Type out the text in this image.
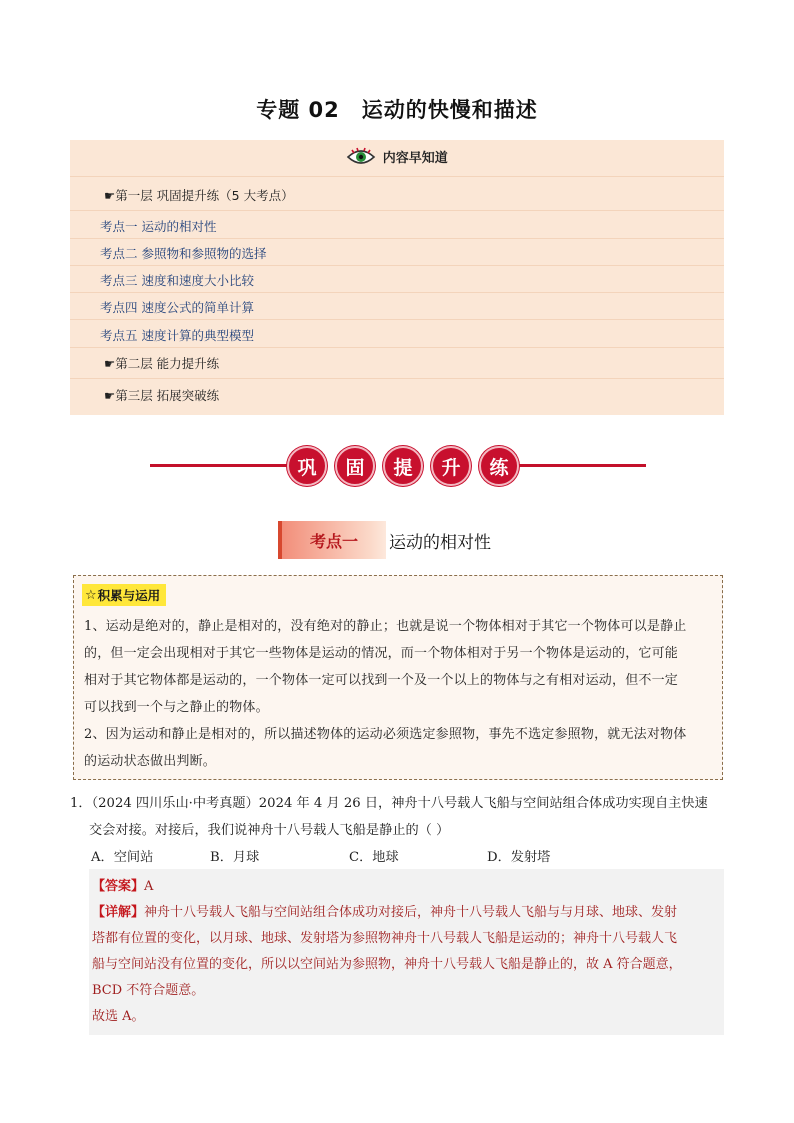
专题 02 运动的快慢和描述
内容早知道
☛第一层 巩固提升练（5 大考点）
考点一 运动的相对性
考点二 参照物和参照物的选择
考点三 速度和速度大小比较
考点四 速度公式的简单计算
考点五 速度计算的典型模型
☛第二层 能力提升练
☛第三层 拓展突破练
巩	固	提	升	练
考点一	运动的相对性
☆ 积累与运用

1、运动是绝对的，静止是相对的，没有绝对的静止；也就是说一个物体相对于其它一个物体可以是静止

的，但一定会出现相对于其它一些物体是运动的情况，而一个物体相对于另一个物体是运动的，它可能

相对于其它物体都是运动的，一个物体一定可以找到一个及一个以上的物体与之有相对运动，但不一定

可以找到一个与之静止的物体。

2、因为运动和静止是相对的，所以描述物体的运动必须选定参照物，事先不选定参照物，就无法对物体

的运动状态做出判断。

1．（2024 四川乐山·中考真题）2024 年 4 月 26 日，神舟十八号载人飞船与空间站组合体成功实现自主快速
交会对接。对接后，我们说神舟十八号载人飞船是静止的（ ）
A．空间站	B．月球	C．地球	D．发射塔
【答案】A
【详解】神舟十八号载人飞船与空间站组合体成功对接后，神舟十八号载人飞船与与月球、地球、发射
塔都有位置的变化，以月球、地球、发射塔为参照物神舟十八号载人飞船是运动的；神舟十八号载人飞
船与空间站没有位置的变化，所以以空间站为参照物，神舟十八号载人飞船是静止的，故 A 符合题意，
BCD 不符合题意。
故选 A。
